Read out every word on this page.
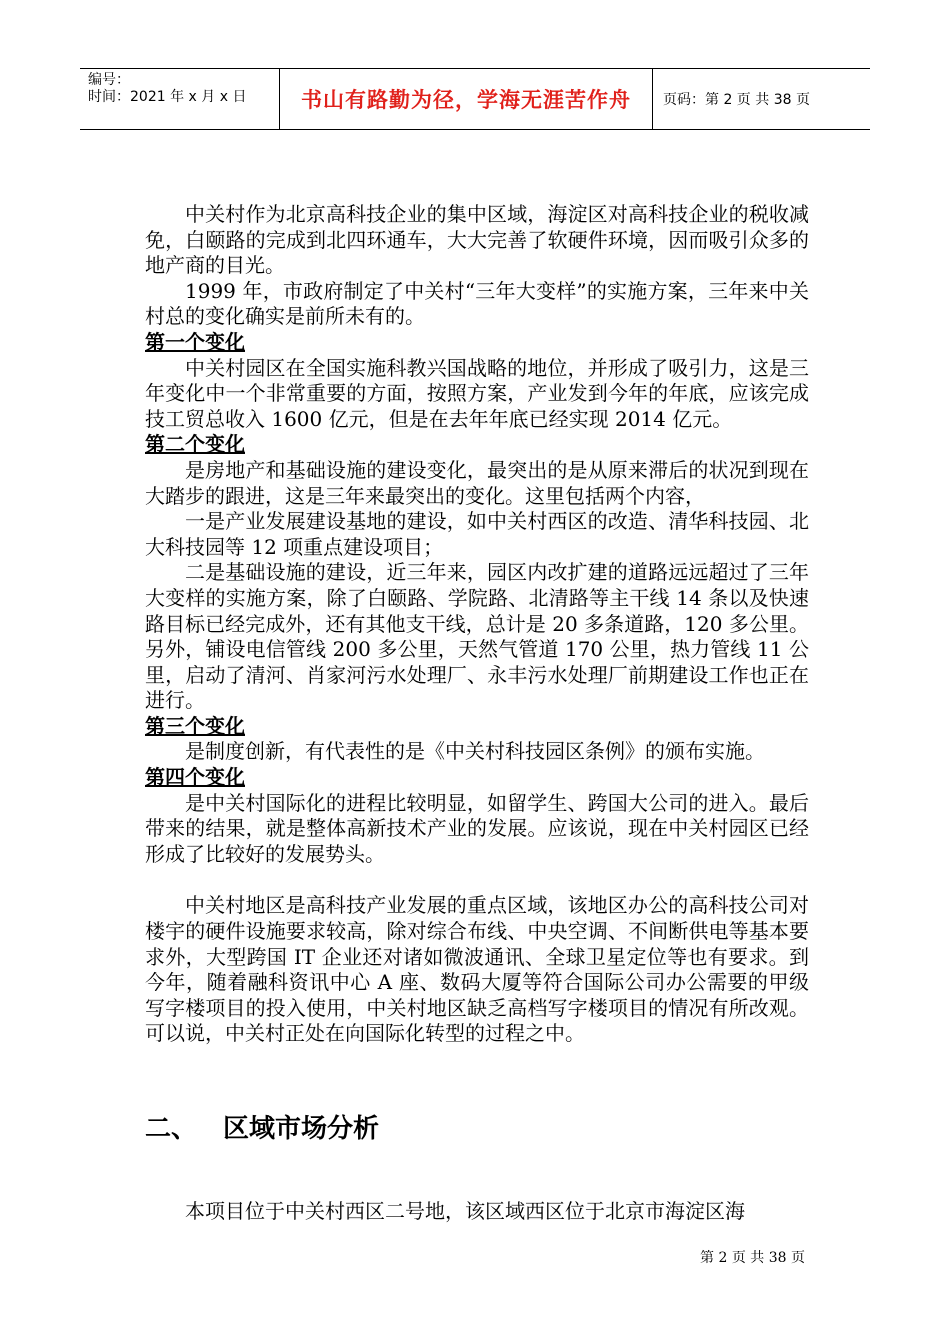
编号：
时间：2021 年 x 月 x 日	书山有路勤为径，学海无涯苦作舟	页码：第 2 页 共 38 页

中关村作为北京高科技企业的集中区域，海淀区对高科技企业的税收减免，白颐路的完成到北四环通车，大大完善了软硬件环境，因而吸引众多的地产商的目光。

1999 年，市政府制定了中关村“三年大变样”的实施方案，三年来中关村总的变化确实是前所未有的。

第一个变化

中关村园区在全国实施科教兴国战略的地位，并形成了吸引力，这是三年变化中一个非常重要的方面，按照方案，产业发到今年的年底，应该完成技工贸总收入 1600 亿元，但是在去年年底已经实现 2014 亿元。

第二个变化

是房地产和基础设施的建设变化，最突出的是从原来滞后的状况到现在大踏步的跟进，这是三年来最突出的变化。这里包括两个内容，

一是产业发展建设基地的建设，如中关村西区的改造、清华科技园、北大科技园等 12 项重点建设项目；

二是基础设施的建设，近三年来，园区内改扩建的道路远远超过了三年大变样的实施方案，除了白颐路、学院路、北清路等主干线 14 条以及快速路目标已经完成外，还有其他支干线，总计是 20 多条道路，120 多公里。另外，铺设电信管线 200 多公里，天然气管道 170 公里，热力管线 11 公里，启动了清河、肖家河污水处理厂、永丰污水处理厂前期建设工作也正在进行。

第三个变化

是制度创新，有代表性的是《中关村科技园区条例》的颁布实施。

第四个变化

是中关村国际化的进程比较明显，如留学生、跨国大公司的进入。最后带来的结果，就是整体高新技术产业的发展。应该说，现在中关村园区已经形成了比较好的发展势头。

中关村地区是高科技产业发展的重点区域，该地区办公的高科技公司对楼宇的硬件设施要求较高，除对综合布线、中央空调、不间断供电等基本要求外，大型跨国 IT 企业还对诸如微波通讯、全球卫星定位等也有要求。到今年，随着融科资讯中心 A 座、数码大厦等符合国际公司办公需要的甲级写字楼项目的投入使用，中关村地区缺乏高档写字楼项目的情况有所改观。可以说，中关村正处在向国际化转型的过程之中。

二、 区域市场分析
本项目位于中关村西区二号地，该区域西区位于北京市海淀区海
第 2 页 共 38 页
